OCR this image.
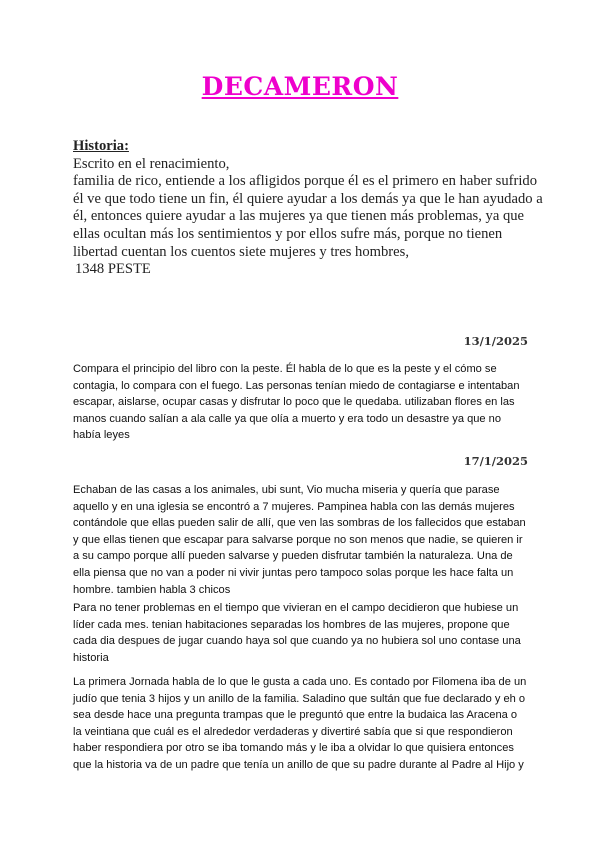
DECAMERON
Historia:
Escrito en el renacimiento,
familia de rico, entiende a los afligidos porque él es el primero en haber sufrido
él ve que todo tiene un fin, él quiere ayudar a los demás ya que le han ayudado a
él, entonces quiere ayudar a las mujeres ya que tienen más problemas, ya que
ellas ocultan más los sentimientos y por ellos sufre más, porque no tienen
libertad cuentan los cuentos siete mujeres y tres hombres,
1348 PESTE
13/1/2025
Compara el principio del libro con la peste. Él habla de lo que es la peste y el cómo se
contagia, lo compara con el fuego. Las personas tenían miedo de contagiarse e intentaban
escapar, aislarse, ocupar casas y disfrutar lo poco que le quedaba. utilizaban flores en las
manos cuando salían a ala calle ya que olía a muerto y era todo un desastre ya que no
había leyes
17/1/2025
Echaban de las casas a los animales, ubi sunt, Vio mucha miseria y quería que parase
aquello y en una iglesia se encontró a 7 mujeres. Pampinea habla con las demás mujeres
contándole que ellas pueden salir de allí, que ven las sombras de los fallecidos que estaban
y que ellas tienen que escapar para salvarse porque no son menos que nadie, se quieren ir
a su campo porque allí pueden salvarse y pueden disfrutar también la naturaleza. Una de
ella piensa que no van a poder ni vivir juntas pero tampoco solas porque les hace falta un
hombre. tambien habla 3 chicos
Para no tener problemas en el tiempo que vivieran en el campo decidieron que hubiese un
líder cada mes. tenian habitaciones separadas los hombres de las mujeres, propone que
cada dia despues de jugar cuando haya sol que cuando ya no hubiera sol uno contase una
historia
La primera Jornada habla de lo que le gusta a cada uno. Es contado por Filomena iba de un
judío que tenia 3 hijos y un anillo de la familia. Saladino que sultán que fue declarado y eh o
sea desde hace una pregunta trampas que le preguntó que entre la budaica las Aracena o
la veintiana que cuál es el alrededor verdaderas y divertiré sabía que si que respondieron
haber respondiera por otro se iba tomando más y le iba a olvidar lo que quisiera entonces
que la historia va de un padre que tenía un anillo de que su padre durante al Padre al Hijo y
